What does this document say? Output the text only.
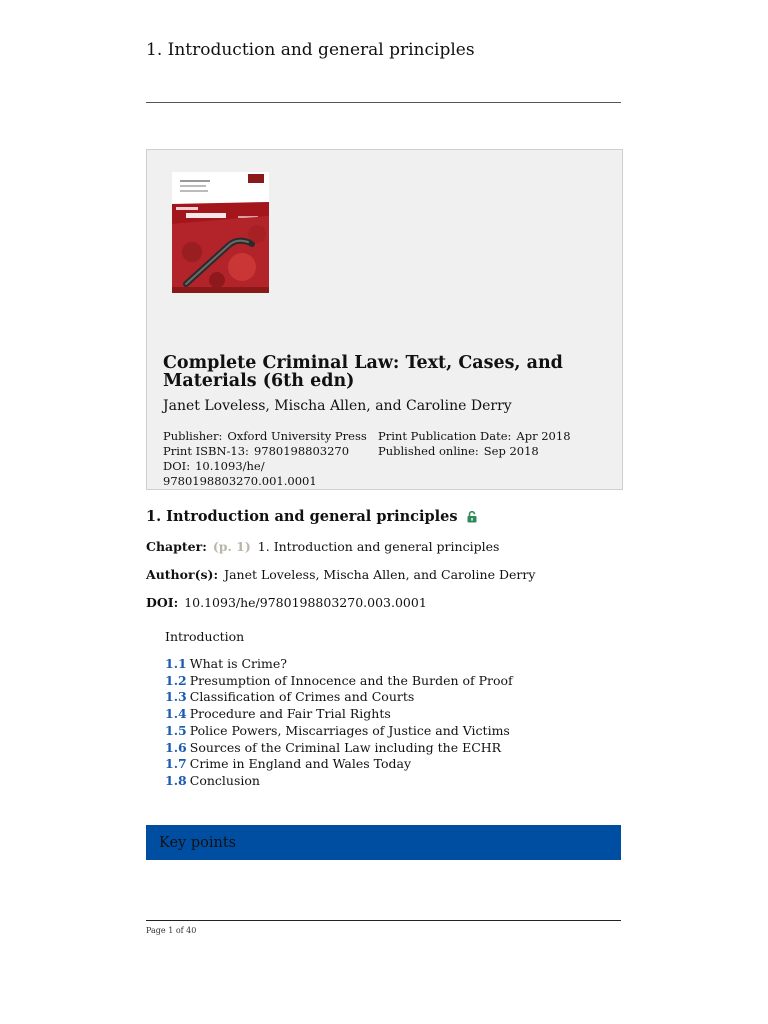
1. Introduction and general principles
Complete Criminal Law: Text, Cases, and Materials (6th edn)
Janet Loveless, Mischa Allen, and Caroline Derry
Publisher: Oxford University Press
Print ISBN-13: 9780198803270
DOI: 10.1093/he/ 9780198803270.001.0001
Print Publication Date: Apr 2018
Published online: Sep 2018
1. Introduction and general principles
Chapter: (p. 1) 1. Introduction and general principles
Author(s): Janet Loveless, Mischa Allen, and Caroline Derry
DOI: 10.1093/he/9780198803270.003.0001
Introduction
1.1 What is Crime?
1.2 Presumption of Innocence and the Burden of Proof
1.3 Classification of Crimes and Courts
1.4 Procedure and Fair Trial Rights
1.5 Police Powers, Miscarriages of Justice and Victims
1.6 Sources of the Criminal Law including the ECHR
1.7 Crime in England and Wales Today
1.8 Conclusion
Key points
Page 1 of 40
